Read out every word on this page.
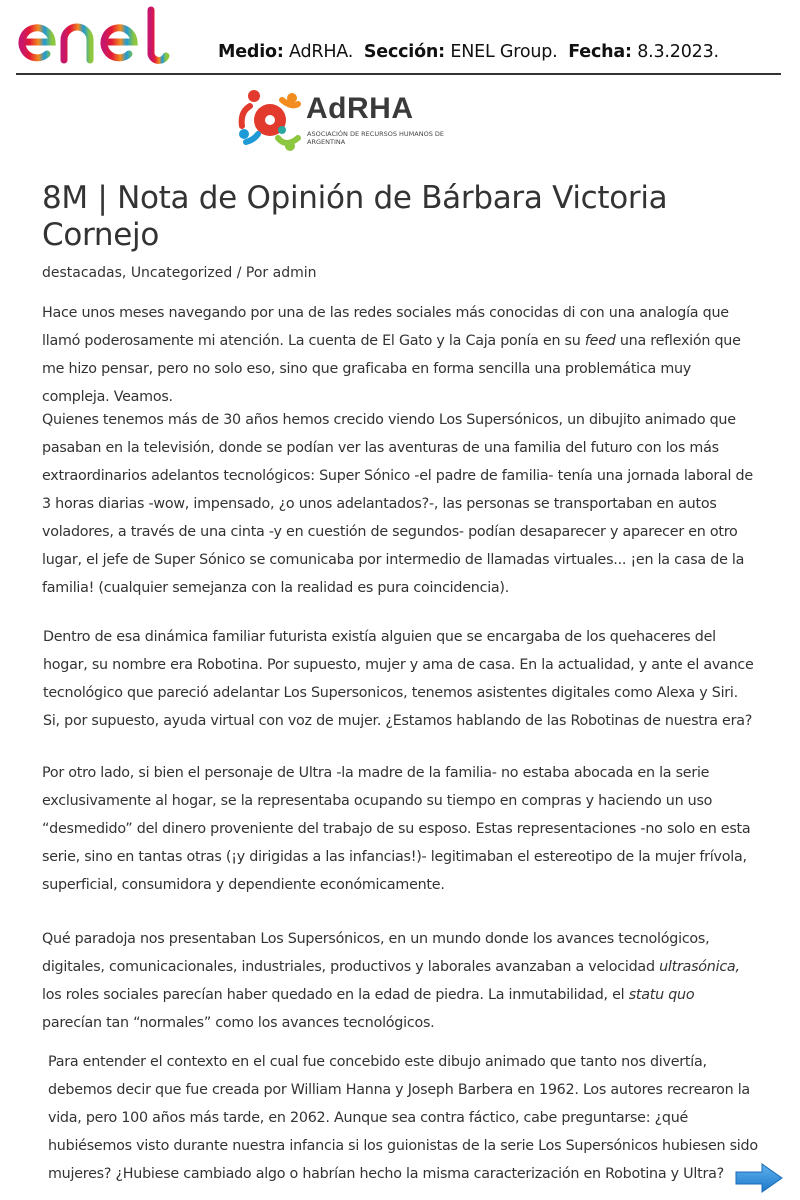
Medio: AdRHA. Sección: ENEL Group. Fecha: 8.3.2023.
AdRHA
ASOCIACIÓN DE RECURSOS HUMANOS DE ARGENTINA
8M | Nota de Opinión de Bárbara Victoria Cornejo
destacadas, Uncategorized / Por admin

Hace unos meses navegando por una de las redes sociales más conocidas di con una analogía que llamó poderosamente mi atención. La cuenta de El Gato y la Caja ponía en su feed una reflexión que me hizo pensar, pero no solo eso, sino que graficaba en forma sencilla una problemática muy compleja. Veamos.

Quienes tenemos más de 30 años hemos crecido viendo Los Supersónicos, un dibujito animado que pasaban en la televisión, donde se podían ver las aventuras de una familia del futuro con los más extraordinarios adelantos tecnológicos: Super Sónico -el padre de familia- tenía una jornada laboral de 3 horas diarias -wow, impensado, ¿o unos adelantados?-, las personas se transportaban en autos voladores, a través de una cinta -y en cuestión de segundos- podían desaparecer y aparecer en otro lugar, el jefe de Super Sónico se comunicaba por intermedio de llamadas virtuales... ¡en la casa de la familia! (cualquier semejanza con la realidad es pura coincidencia).

Dentro de esa dinámica familiar futurista existía alguien que se encargaba de los quehaceres del hogar, su nombre era Robotina. Por supuesto, mujer y ama de casa. En la actualidad, y ante el avance tecnológico que pareció adelantar Los Supersonicos, tenemos asistentes digitales como Alexa y Siri. Si, por supuesto, ayuda virtual con voz de mujer. ¿Estamos hablando de las Robotinas de nuestra era?

Por otro lado, si bien el personaje de Ultra -la madre de la familia- no estaba abocada en la serie exclusivamente al hogar, se la representaba ocupando su tiempo en compras y haciendo un uso “desmedido” del dinero proveniente del trabajo de su esposo. Estas representaciones -no solo en esta serie, sino en tantas otras (¡y dirigidas a las infancias!)- legitimaban el estereotipo de la mujer frívola, superficial, consumidora y dependiente económicamente.

Qué paradoja nos presentaban Los Supersónicos, en un mundo donde los avances tecnológicos, digitales, comunicacionales, industriales, productivos y laborales avanzaban a velocidad ultrasónica, los roles sociales parecían haber quedado en la edad de piedra. La inmutabilidad, el statu quo parecían tan “normales” como los avances tecnológicos.

Para entender el contexto en el cual fue concebido este dibujo animado que tanto nos divertía, debemos decir que fue creada por William Hanna y Joseph Barbera en 1962. Los autores recrearon la vida, pero 100 años más tarde, en 2062. Aunque sea contra fáctico, cabe preguntarse: ¿qué hubiésemos visto durante nuestra infancia si los guionistas de la serie Los Supersónicos hubiesen sido mujeres? ¿Hubiese cambiado algo o habrían hecho la misma caracterización en Robotina y Ultra?
